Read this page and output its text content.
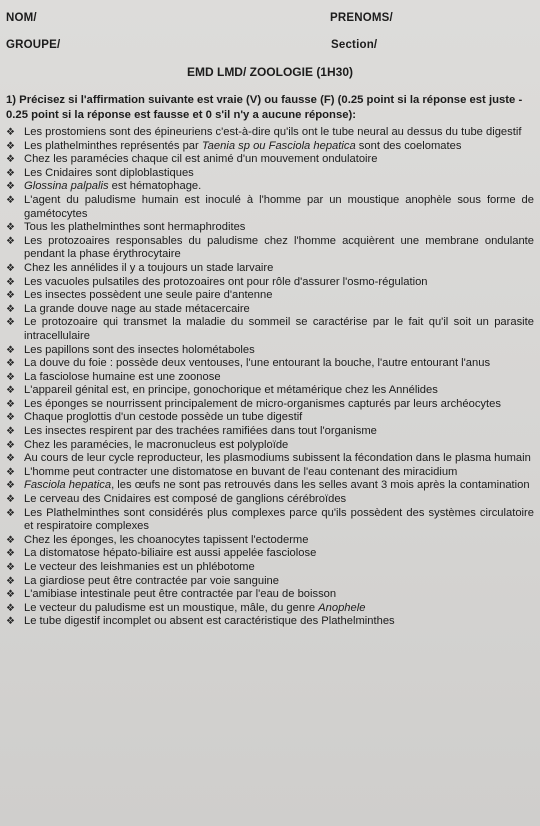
NOM/	PRENOMS/
GROUPE/	Section/
EMD LMD/ ZOOLOGIE (1H30)
1) Précisez si l'affirmation suivante est vraie (V) ou fausse (F) (0.25 point si la réponse est juste - 0.25 point si la réponse est fausse et 0 s'il n'y a aucune réponse):
❖ Les prostomiens sont des épineuriens c'est-à-dire qu'ils ont le tube neural au dessus du tube digestif
❖ Les plathelminthes représentés par Taenia sp ou Fasciola hepatica sont des coelomates
❖ Chez les paramécies chaque cil est animé d'un mouvement ondulatoire
❖ Les Cnidaires sont diploblastiques
❖ Glossina palpalis est hématophage.
❖ L'agent du paludisme humain est inoculé à l'homme par un moustique anophèle sous forme de gamétocytes
❖ Tous les plathelminthes sont hermaphrodites
❖ Les protozoaires responsables du paludisme chez l'homme acquièrent une membrane ondulante pendant la phase érythrocytaire
❖ Chez les annélides il y a toujours un stade larvaire
❖ Les vacuoles pulsatiles des protozoaires ont pour rôle d'assurer l'osmo-régulation
❖ Les insectes possèdent une seule paire d'antenne
❖ La grande douve nage au stade métacercaire
❖ Le protozoaire qui transmet la maladie du sommeil se caractérise par le fait qu'il soit un parasite intracellulaire
❖ Les papillons sont des insectes holométaboles
❖ La douve du foie : possède deux ventouses, l'une entourant la bouche, l'autre entourant l'anus
❖ La fasciolose humaine est une zoonose
❖ L'appareil génital est, en principe, gonochorique et métamérique chez les Annélides
❖ Les éponges se nourrissent principalement de micro-organismes capturés par leurs archéocytes
❖ Chaque proglottis d'un cestode possède un tube digestif
❖ Les insectes respirent par des trachées ramifiées dans tout l'organisme
❖ Chez les paramécies, le macronucleus est polyploïde
❖ Au cours de leur cycle reproducteur, les plasmodiums subissent la fécondation dans le plasma humain
❖ L'homme peut contracter une distomatose en buvant de l'eau contenant des miracidium
❖ Fasciola hepatica, les œufs ne sont pas retrouvés dans les selles avant 3 mois après la contamination
❖ Le cerveau des Cnidaires est composé de ganglions cérébroïdes
❖ Les Plathelminthes sont considérés plus complexes parce qu'ils possèdent des systèmes circulatoire et respiratoire complexes
❖ Chez les éponges, les choanocytes tapissent l'ectoderme
❖ La distomatose hépato-biliaire est aussi appelée fasciolose
❖ Le vecteur des leishmanies est un phlébotome
❖ La giardiose peut être contractée par voie sanguine
❖ L'amibiase intestinale peut être contractée par l'eau de boisson
❖ Le vecteur du paludisme est un moustique, mâle, du genre Anophele
❖ Le tube digestif incomplet ou absent est caractéristique des Plathelminthes
